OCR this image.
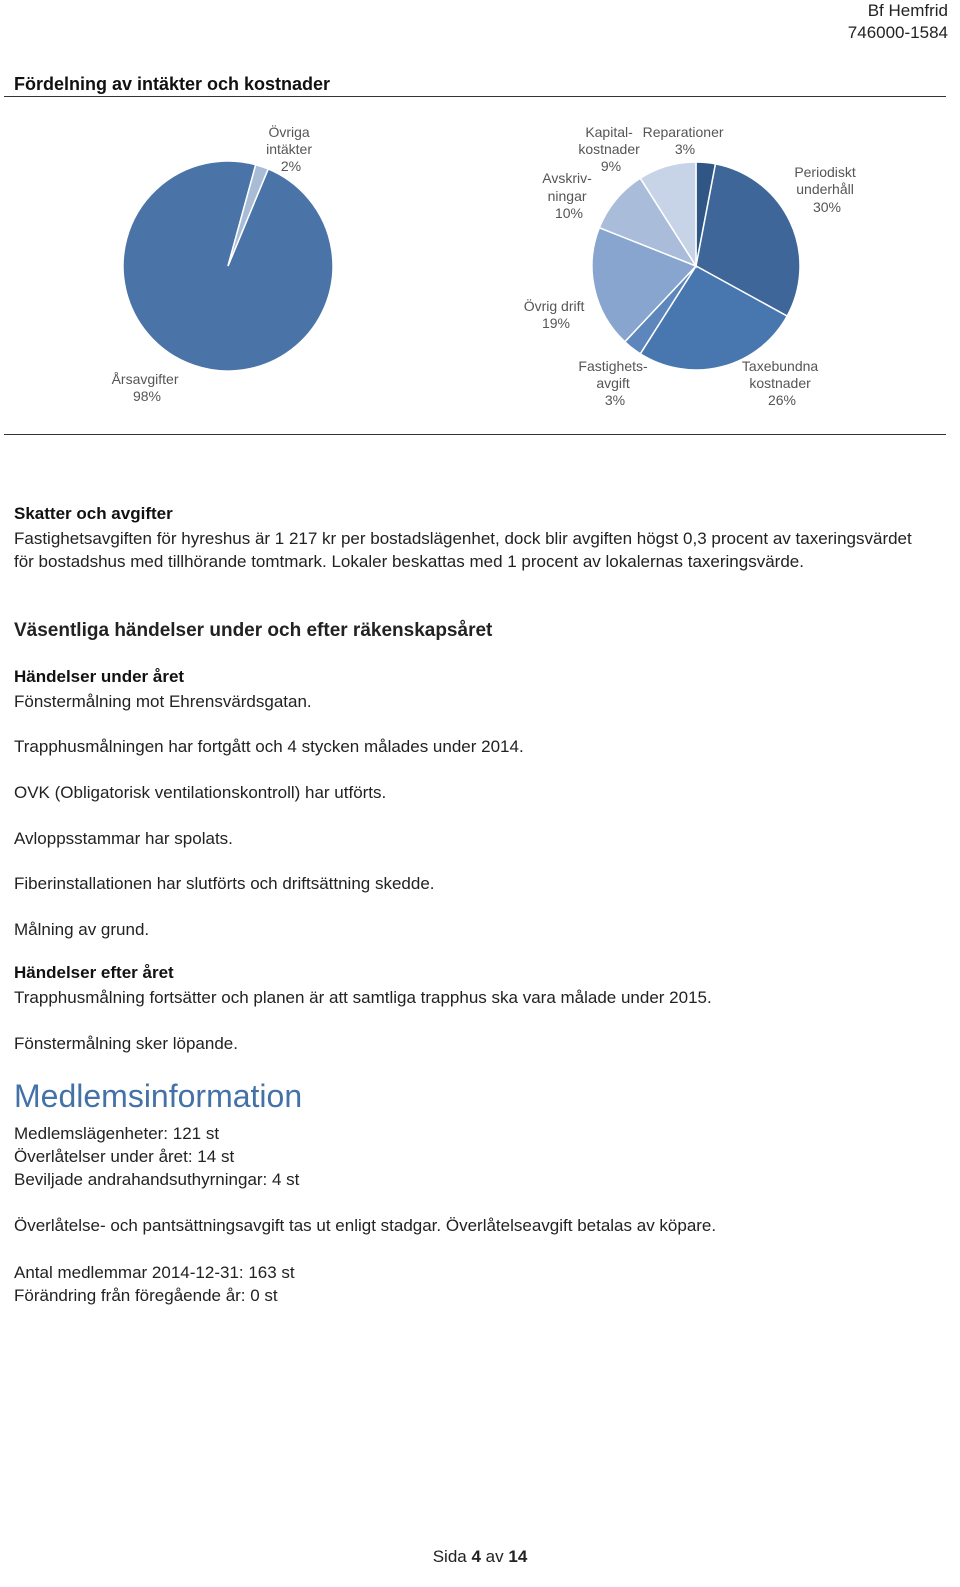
Bf Hemfrid
746000-1584
Fördelning av intäkter och kostnader
Årsavgifter 98%
Övriga intäkter 2%
Kapital- kostnader 9%
Reparationer 3%
Avskriv- ningar 10%
Periodiskt underhåll 30%
Övrig drift 19%
Fastighets- avgift 3%
Taxebundna kostnader 26%

Skatter och avgifter

Fastighetsavgiften för hyreshus är 1 217 kr per bostadslägenhet, dock blir avgiften högst 0,3 procent av taxeringsvärdet för bostadshus med tillhörande tomtmark. Lokaler beskattas med 1 procent av lokalernas taxeringsvärde.

Väsentliga händelser under och efter räkenskapsåret

Händelser under året

Fönstermålning mot Ehrensvärdsgatan.

Trapphusmålningen har fortgått och 4 stycken målades under 2014.

OVK (Obligatorisk ventilationskontroll) har utförts.

Avloppsstammar har spolats.

Fiberinstallationen har slutförts och driftsättning skedde.

Målning av grund.

Händelser efter året

Trapphusmålning fortsätter och planen är att samtliga trapphus ska vara målade under 2015.

Fönstermålning sker löpande.

Medlemsinformation

Medlemslägenheter: 121 st

Överlåtelser under året: 14 st

Beviljade andrahandsuthyrningar: 4 st

Överlåtelse- och pantsättningsavgift tas ut enligt stadgar. Överlåtelseavgift betalas av köpare.

Antal medlemmar 2014-12-31: 163 st

Förändring från föregående år: 0 st

Sida 4 av 14
